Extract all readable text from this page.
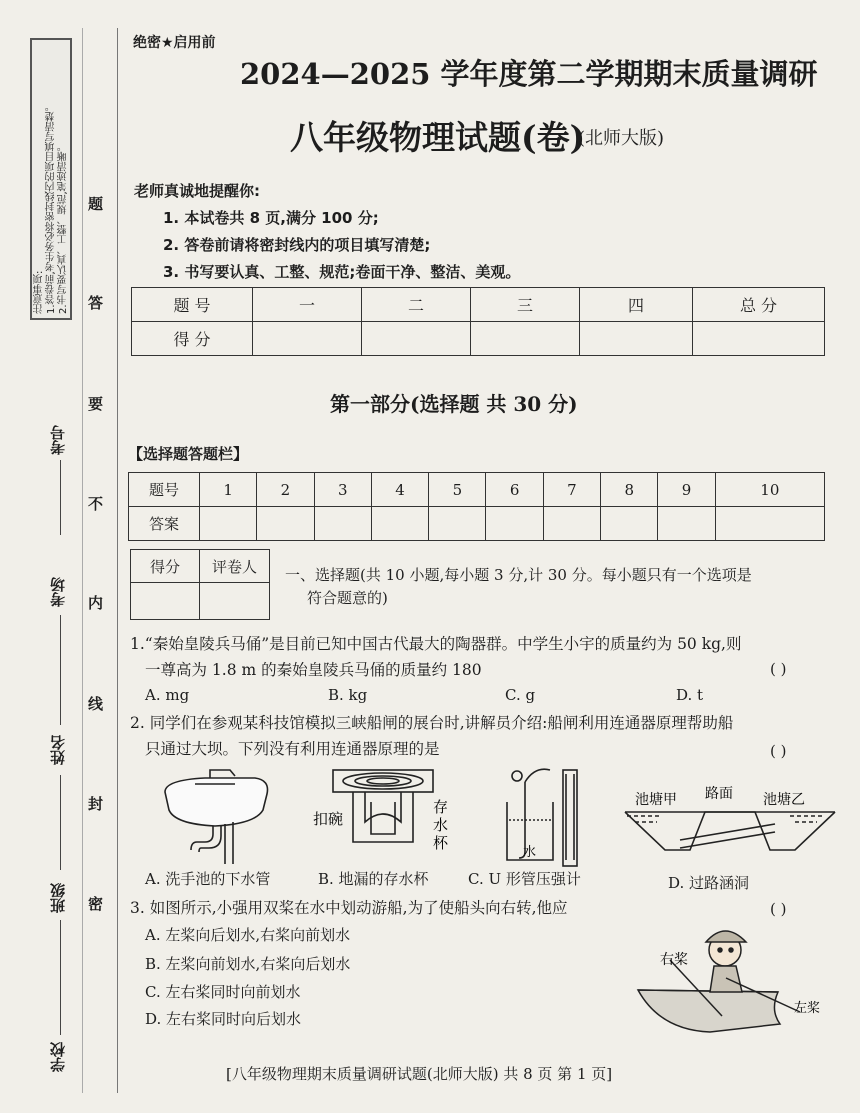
注意事项:
1.答卷前,考生务必将密封线内的项目填写清楚。
2.书写要认真、工整、规范,笔迹清晰。 题
答
要
不
内
线
封
密
考号
考场
姓名
班级
学校
绝密★启用前
2024—2025 学年度第二学期期末质量调研
八年级物理试题(卷)
(北师大版)
老师真诚地提醒你:
1. 本试卷共 8 页,满分 100 分;
2. 答卷前请将密封线内的项目填写清楚;
3. 书写要认真、工整、规范;卷面干净、整洁、美观。
题 号	一	二	三	四	总 分
得 分					
第一部分(选择题 共 30 分)
【选择题答题栏】
题号	1	2	3	4	5	6	7	8	9	10
答案										
得分	评卷人
	一、选择题(共 10 小题,每小题 3 分,计 30 分。每小题只有一个选项是
符合题意的)
1.“秦始皇陵兵马俑”是目前已知中国古代最大的陶器群。中学生小宇的质量约为 50 kg,则
一尊高为 1.8 m 的秦始皇陵兵马俑的质量约 180	( )
A. mg	B. kg	C. g	D. t
2. 同学们在参观某科技馆模拟三峡船闸的展台时,讲解员介绍:船闸利用连通器原理帮助船
只通过大坝。下列没有利用连通器原理的是	( )
扣碗
存
水
杯
水
池塘甲 路面 池塘乙
A. 洗手池的下水管	B. 地漏的存水杯	C. U 形管压强计	D. 过路涵洞
3. 如图所示,小强用双桨在水中划动游船,为了使船头向右转,他应	( )
A. 左桨向后划水,右桨向前划水
B. 左桨向前划水,右桨向后划水
C. 左右桨同时向前划水
D. 左右桨同时向后划水
右桨
左桨
[八年级物理期末质量调研试题(北师大版) 共 8 页 第 1 页]
